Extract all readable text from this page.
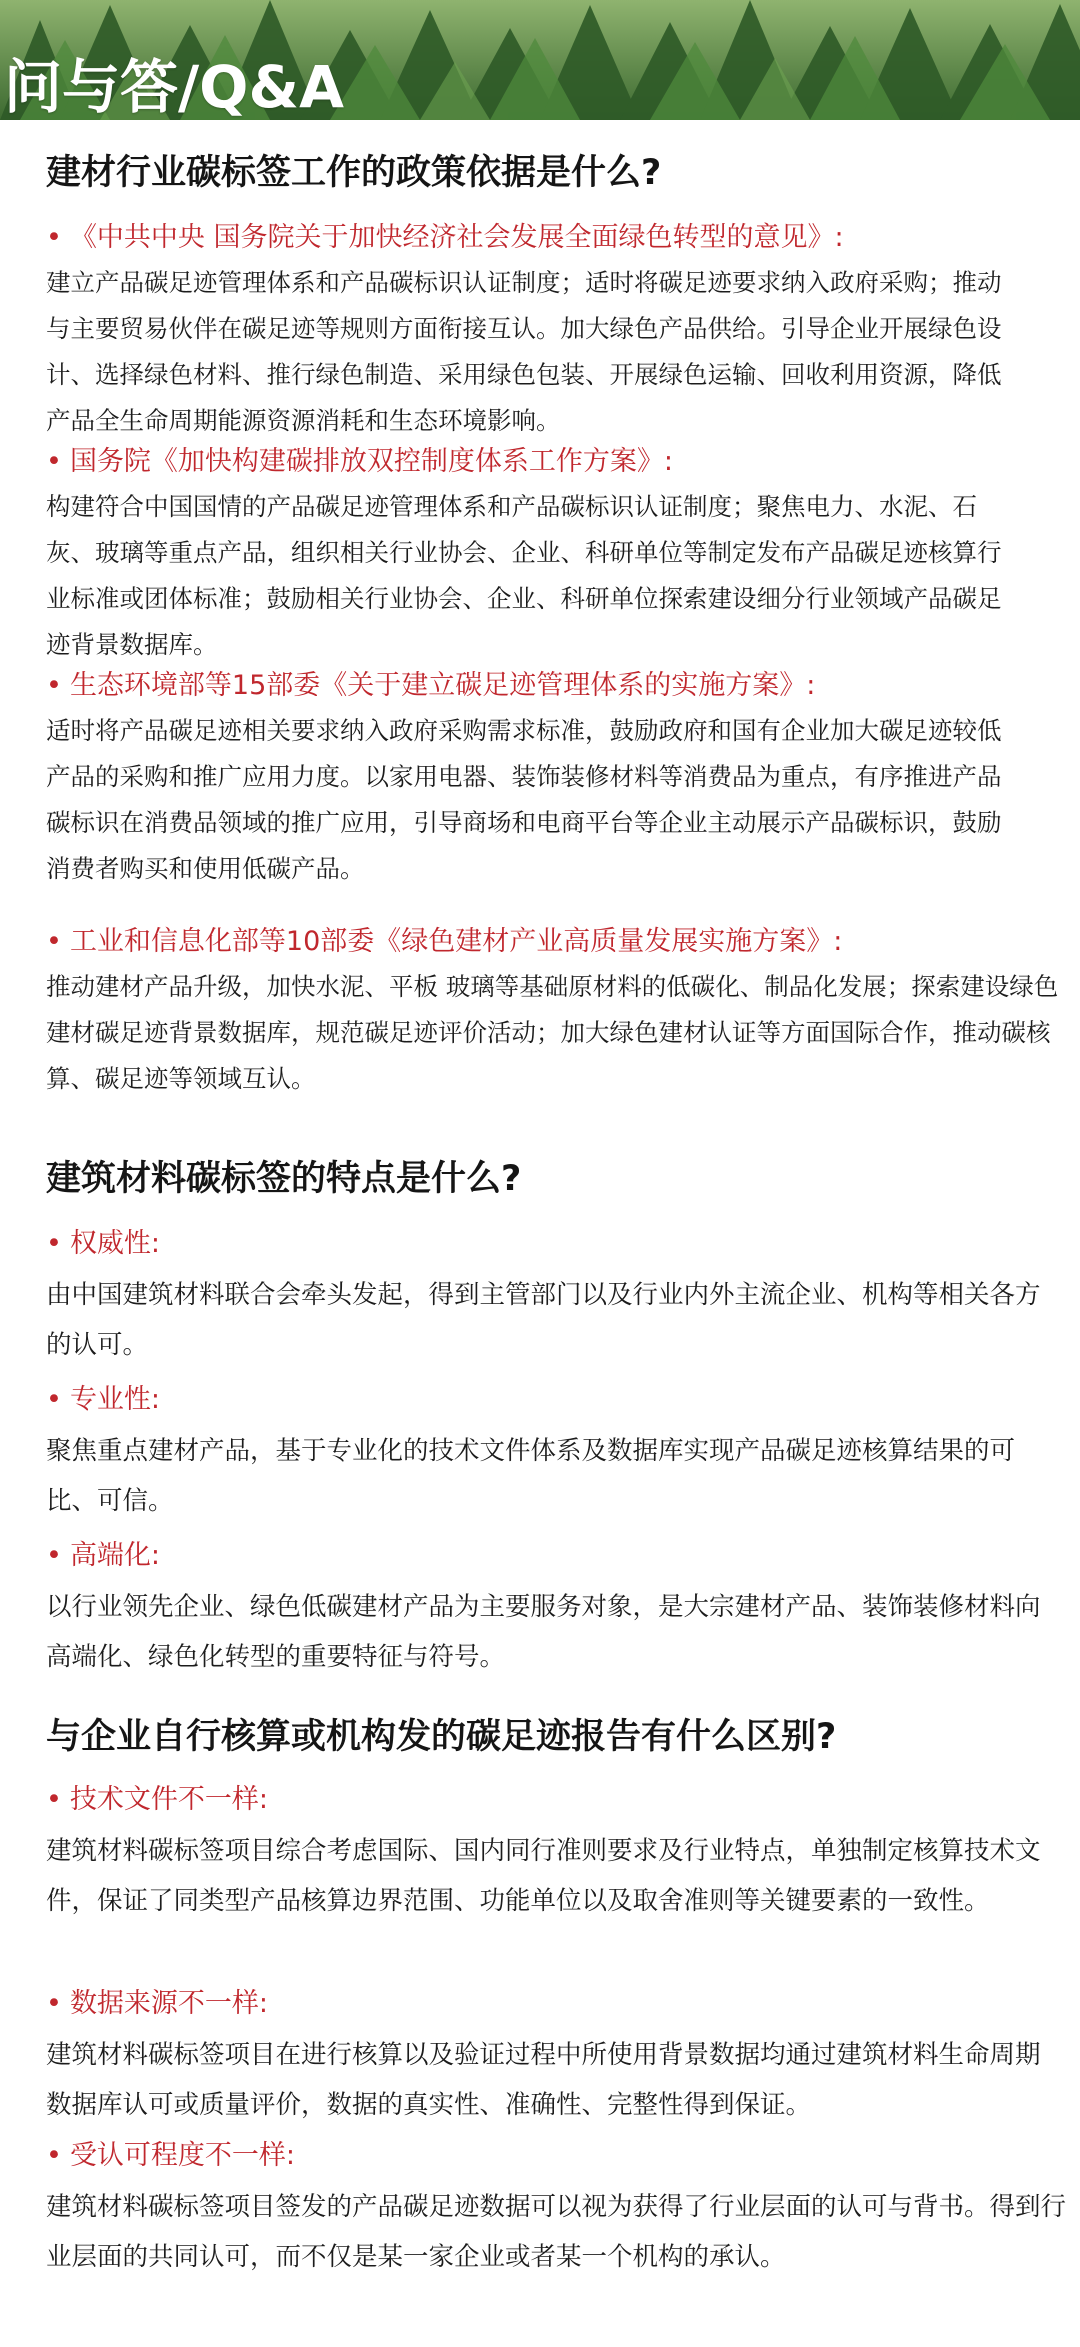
问与答/Q&A
建材行业碳标签工作的政策依据是什么?
• 《中共中央 国务院关于加快经济社会发展全面绿色转型的意见》:
建立产品碳足迹管理体系和产品碳标识认证制度；适时将碳足迹要求纳入政府采购；推动与主要贸易伙伴在碳足迹等规则方面衔接互认。加大绿色产品供给。引导企业开展绿色设计、选择绿色材料、推行绿色制造、采用绿色包装、开展绿色运输、回收利用资源，降低产品全生命周期能源资源消耗和生态环境影响。
• 国务院《加快构建碳排放双控制度体系工作方案》:
构建符合中国国情的产品碳足迹管理体系和产品碳标识认证制度；聚焦电力、水泥、石灰、玻璃等重点产品，组织相关行业协会、企业、科研单位等制定发布产品碳足迹核算行业标准或团体标准；鼓励相关行业协会、企业、科研单位探索建设细分行业领域产品碳足迹背景数据库。
• 生态环境部等15部委《关于建立碳足迹管理体系的实施方案》:
适时将产品碳足迹相关要求纳入政府采购需求标准，鼓励政府和国有企业加大碳足迹较低产品的采购和推广应用力度。以家用电器、装饰装修材料等消费品为重点，有序推进产品碳标识在消费品领域的推广应用，引导商场和电商平台等企业主动展示产品碳标识，鼓励消费者购买和使用低碳产品。
• 工业和信息化部等10部委《绿色建材产业高质量发展实施方案》:
推动建材产品升级，加快水泥、平板 玻璃等基础原材料的低碳化、制品化发展；探索建设绿色建材碳足迹背景数据库，规范碳足迹评价活动；加大绿色建材认证等方面国际合作，推动碳核算、碳足迹等领域互认。
建筑材料碳标签的特点是什么?
• 权威性:
由中国建筑材料联合会牵头发起，得到主管部门以及行业内外主流企业、机构等相关各方的认可。
• 专业性:
聚焦重点建材产品，基于专业化的技术文件体系及数据库实现产品碳足迹核算结果的可比、可信。
• 高端化:
以行业领先企业、绿色低碳建材产品为主要服务对象，是大宗建材产品、装饰装修材料向高端化、绿色化转型的重要特征与符号。
与企业自行核算或机构发的碳足迹报告有什么区别?
• 技术文件不一样:
建筑材料碳标签项目综合考虑国际、国内同行准则要求及行业特点，单独制定核算技术文件，保证了同类型产品核算边界范围、功能单位以及取舍准则等关键要素的一致性。
• 数据来源不一样:
建筑材料碳标签项目在进行核算以及验证过程中所使用背景数据均通过建筑材料生命周期数据库认可或质量评价，数据的真实性、准确性、完整性得到保证。
• 受认可程度不一样:
建筑材料碳标签项目签发的产品碳足迹数据可以视为获得了行业层面的认可与背书。得到行业层面的共同认可，而不仅是某一家企业或者某一个机构的承认。
